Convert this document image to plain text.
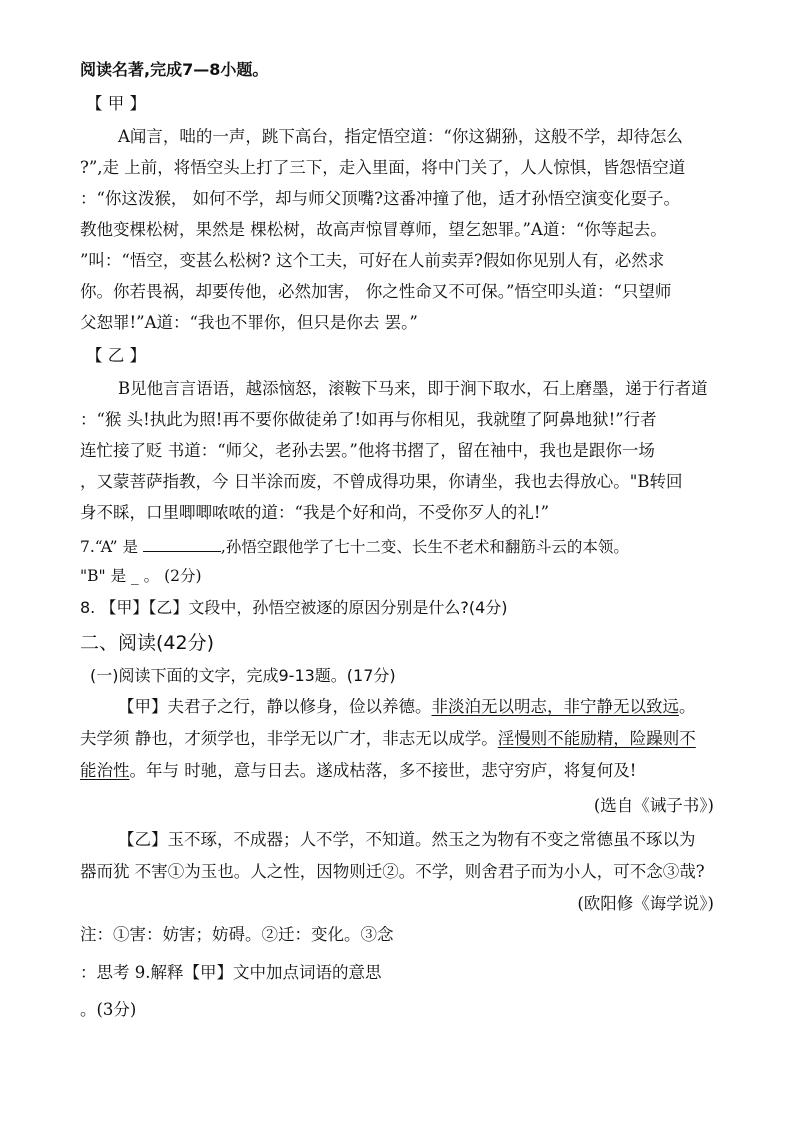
阅读名著,完成7—8小题。
【 甲 】
A闻言，咄的一声，跳下高台，指定悟空道：“你这猢狲，这般不学，却待怎么
?”,走 上前，将悟空头上打了三下，走入里面，将中门关了，人人惊惧，皆怨悟空道
：“你这泼猴， 如何不学，却与师父顶嘴?这番冲撞了他，适才孙悟空演变化耍子。
教他变棵松树，果然是 棵松树，故高声惊冒尊师，望乞恕罪。”A道：“你等起去。
”叫：“悟空，变甚么松树? 这个工夫，可好在人前卖弄?假如你见别人有，必然求
你。你若畏祸，却要传他，必然加害， 你之性命又不可保。”悟空叩头道：“只望师
父恕罪!”A道：“我也不罪你，但只是你去 罢。”
【 乙 】
B见他言言语语，越添恼怒，滚鞍下马来，即于涧下取水，石上磨墨，递于行者道
：“猴 头!执此为照!再不要你做徒弟了!如再与你相见，我就堕了阿鼻地狱!”行者
连忙接了贬 书道：“师父，老孙去罢。”他将书摺了，留在袖中，我也是跟你一场
，又蒙菩萨指教，今 日半涂而废，不曾成得功果，你请坐，我也去得放心。"B转回
身不睬，口里唧唧哝哝的道：“我是个好和尚，不受你歹人的礼!”
7.“A” 是	,孙悟空跟他学了七十二变、长生不老术和翻筋斗云的本领。
"B" 是 _ 。 (2分)
8. 【甲】【乙】文段中，孙悟空被逐的原因分别是什么?(4分)
二、阅读(42分)
(一)阅读下面的文字，完成9-13题。(17分)
【甲】夫君子之行，静以修身，俭以养德。非淡泊无以明志，非宁静无以致远。
夫学须 静也，才须学也，非学无以广才，非志无以成学。淫慢则不能励精，险躁则不
能治性。年与 时驰，意与日去。遂成枯落，多不接世，悲守穷庐，将复何及!
(选自《诫子书》)
【乙】玉不琢，不成器；人不学，不知道。然玉之为物有不变之常德虽不琢以为
器而犹 不害①为玉也。人之性，因物则迁②。不学，则舍君子而为小人，可不念③哉?
(欧阳修《诲学说》)
注：①害：妨害；妨碍。②迁：变化。③念
：思考 9.解释【甲】文中加点词语的意思
。(3分)
